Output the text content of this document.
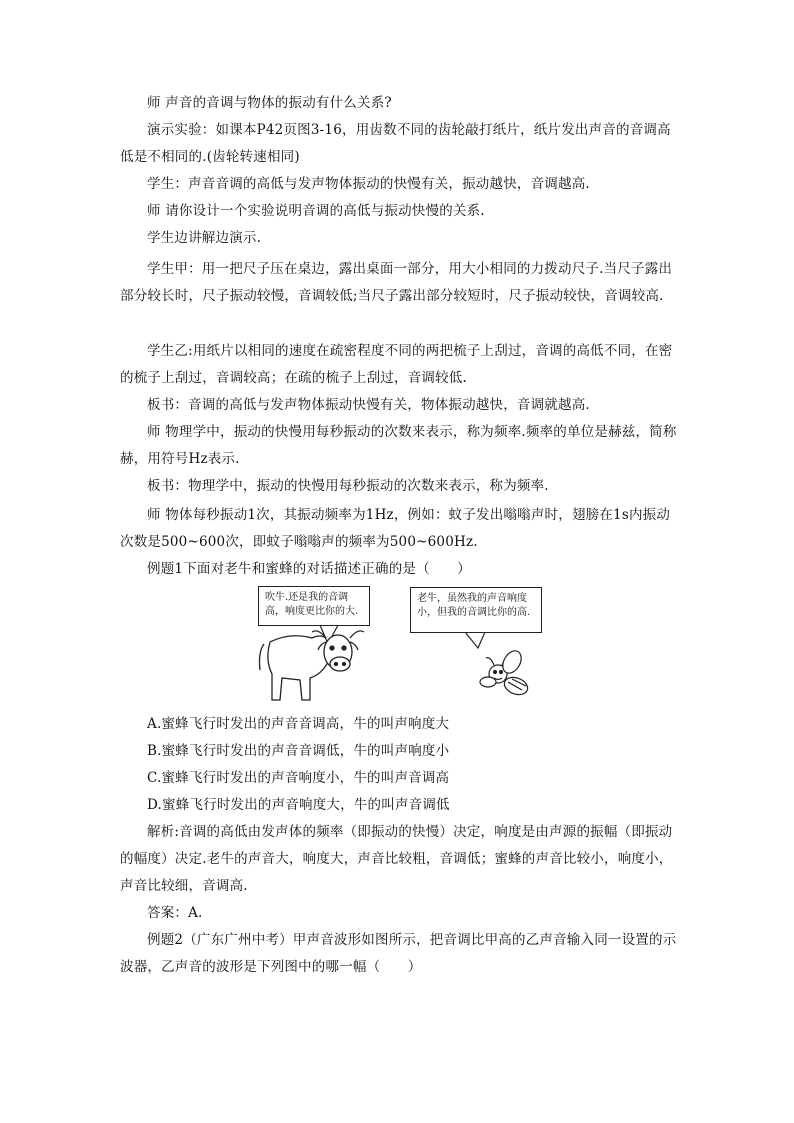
师 声音的音调与物体的振动有什么关系?

演示实验：如课本P42页图3-16，用齿数不同的齿轮敲打纸片，纸片发出声音的音调高低是不相同的.(齿轮转速相同)

学生：声音音调的高低与发声物体振动的快慢有关，振动越快，音调越高.

师 请你设计一个实验说明音调的高低与振动快慢的关系.

学生边讲解边演示.

学生甲：用一把尺子压在桌边，露出桌面一部分，用大小相同的力拨动尺子.当尺子露出部分较长时，尺子振动较慢，音调较低;当尺子露出部分较短时，尺子振动较快，音调较高.

学生乙:用纸片以相同的速度在疏密程度不同的两把梳子上刮过，音调的高低不同，在密的梳子上刮过，音调较高；在疏的梳子上刮过，音调较低.

板书：音调的高低与发声物体振动快慢有关，物体振动越快，音调就越高.

师 物理学中，振动的快慢用每秒振动的次数来表示，称为频率.频率的单位是赫兹，简称赫，用符号Hz表示.

板书：物理学中，振动的快慢用每秒振动的次数来表示，称为频率.

师 物体每秒振动1次，其振动频率为1Hz，例如：蚊子发出嗡嗡声时，翅膀在1s内振动次数是500~600次，即蚊子嗡嗡声的频率为500~600Hz.

例题1下面对老牛和蜜蜂的对话描述正确的是（　　）

吹牛.还是我的音调高，响度更比你的大.
老牛，虽然我的声音响度小，但我的音调比你的高.

A.蜜蜂飞行时发出的声音音调高，牛的叫声响度大

B.蜜蜂飞行时发出的声音音调低，牛的叫声响度小

C.蜜蜂飞行时发出的声音响度小，牛的叫声音调高

D.蜜蜂飞行时发出的声音响度大，牛的叫声音调低

解析:音调的高低由发声体的频率（即振动的快慢）决定，响度是由声源的振幅（即振动的幅度）决定.老牛的声音大，响度大，声音比较粗，音调低；蜜蜂的声音比较小，响度小，声音比较细，音调高.

答案：A.

例题2（广东广州中考）甲声音波形如图所示，把音调比甲高的乙声音输入同一设置的示波器，乙声音的波形是下列图中的哪一幅（　　）
